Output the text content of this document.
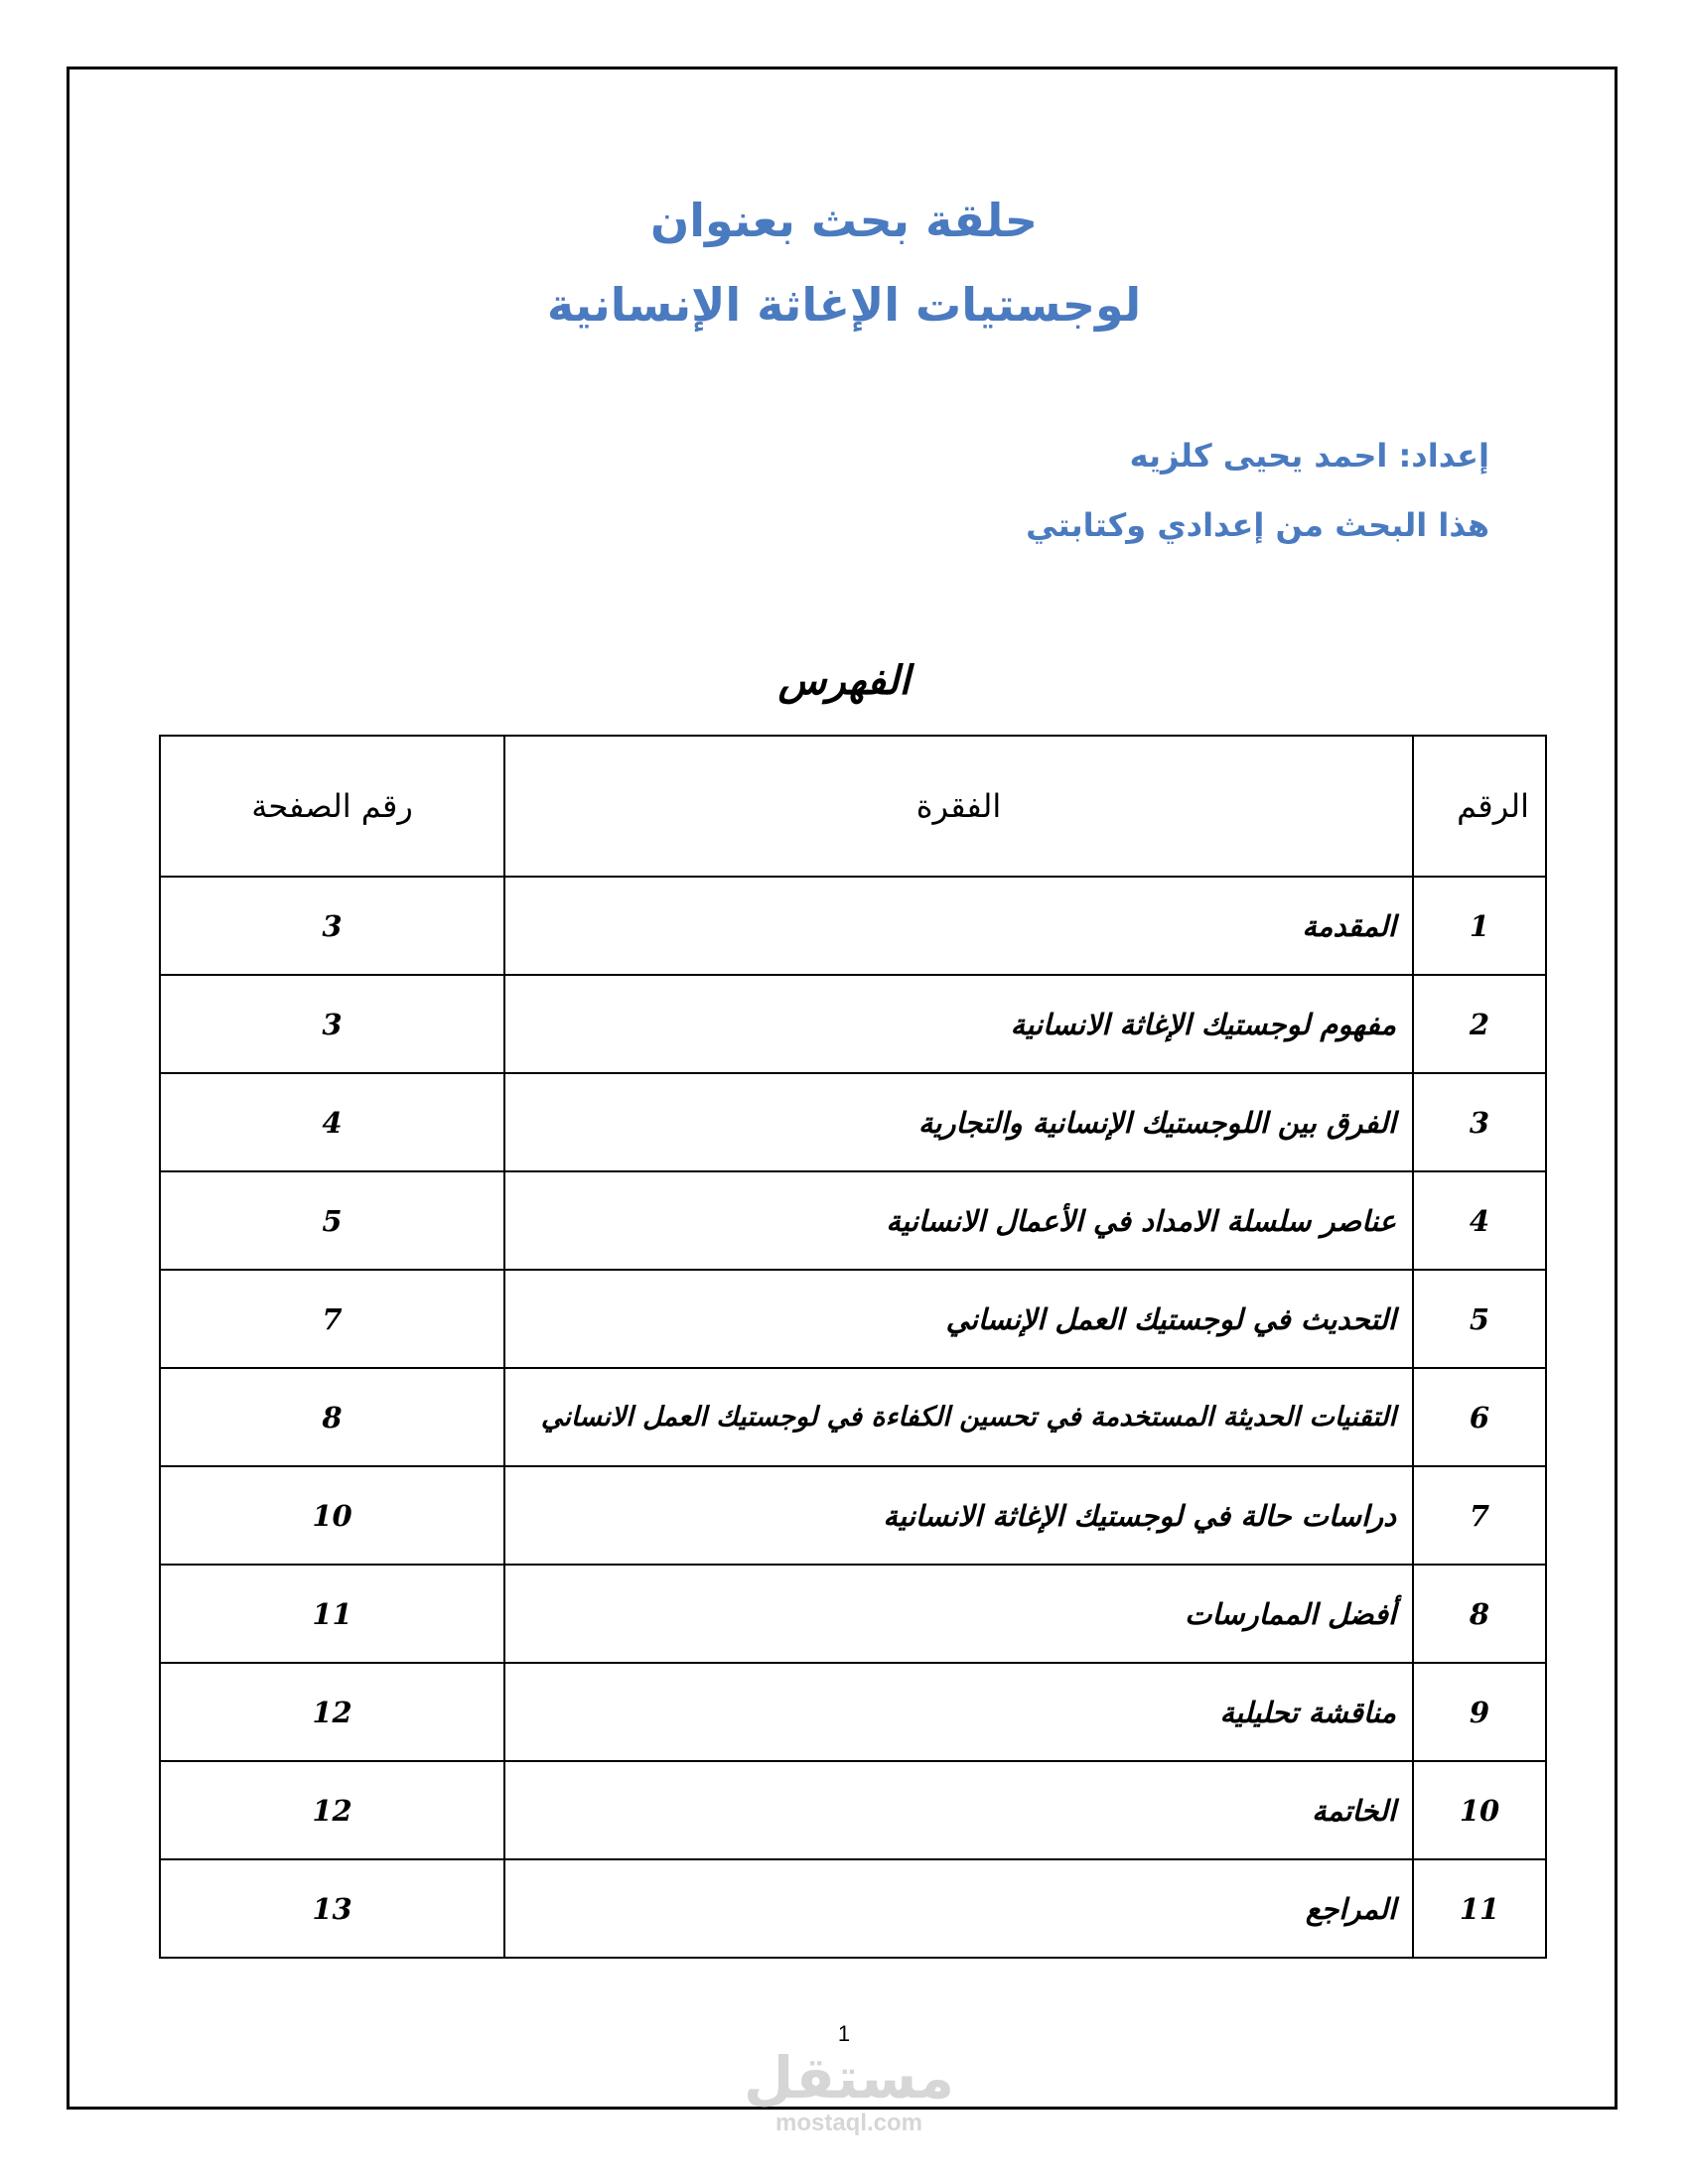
حلقة بحث بعنوان
لوجستيات الإغاثة الإنسانية
إعداد: احمد يحيى كلزيه
هذا البحث من إعدادي وكتابتي
الفهرس
الرقم	الفقرة	رقم الصفحة
1	المقدمة	3
2	مفهوم لوجستيك الإغاثة الانسانية	3
3	الفرق بين اللوجستيك الإنسانية والتجارية	4
4	عناصر سلسلة الامداد في الأعمال الانسانية	5
5	التحديث في لوجستيك العمل الإنساني	7
6	التقنيات الحديثة المستخدمة في تحسين الكفاءة في لوجستيك العمل الانساني	8
7	دراسات حالة في لوجستيك الإغاثة الانسانية	10
8	أفضل الممارسات	11
9	مناقشة تحليلية	12
10	الخاتمة	12
11	المراجع	13
1
مستقل
mostaql.com
